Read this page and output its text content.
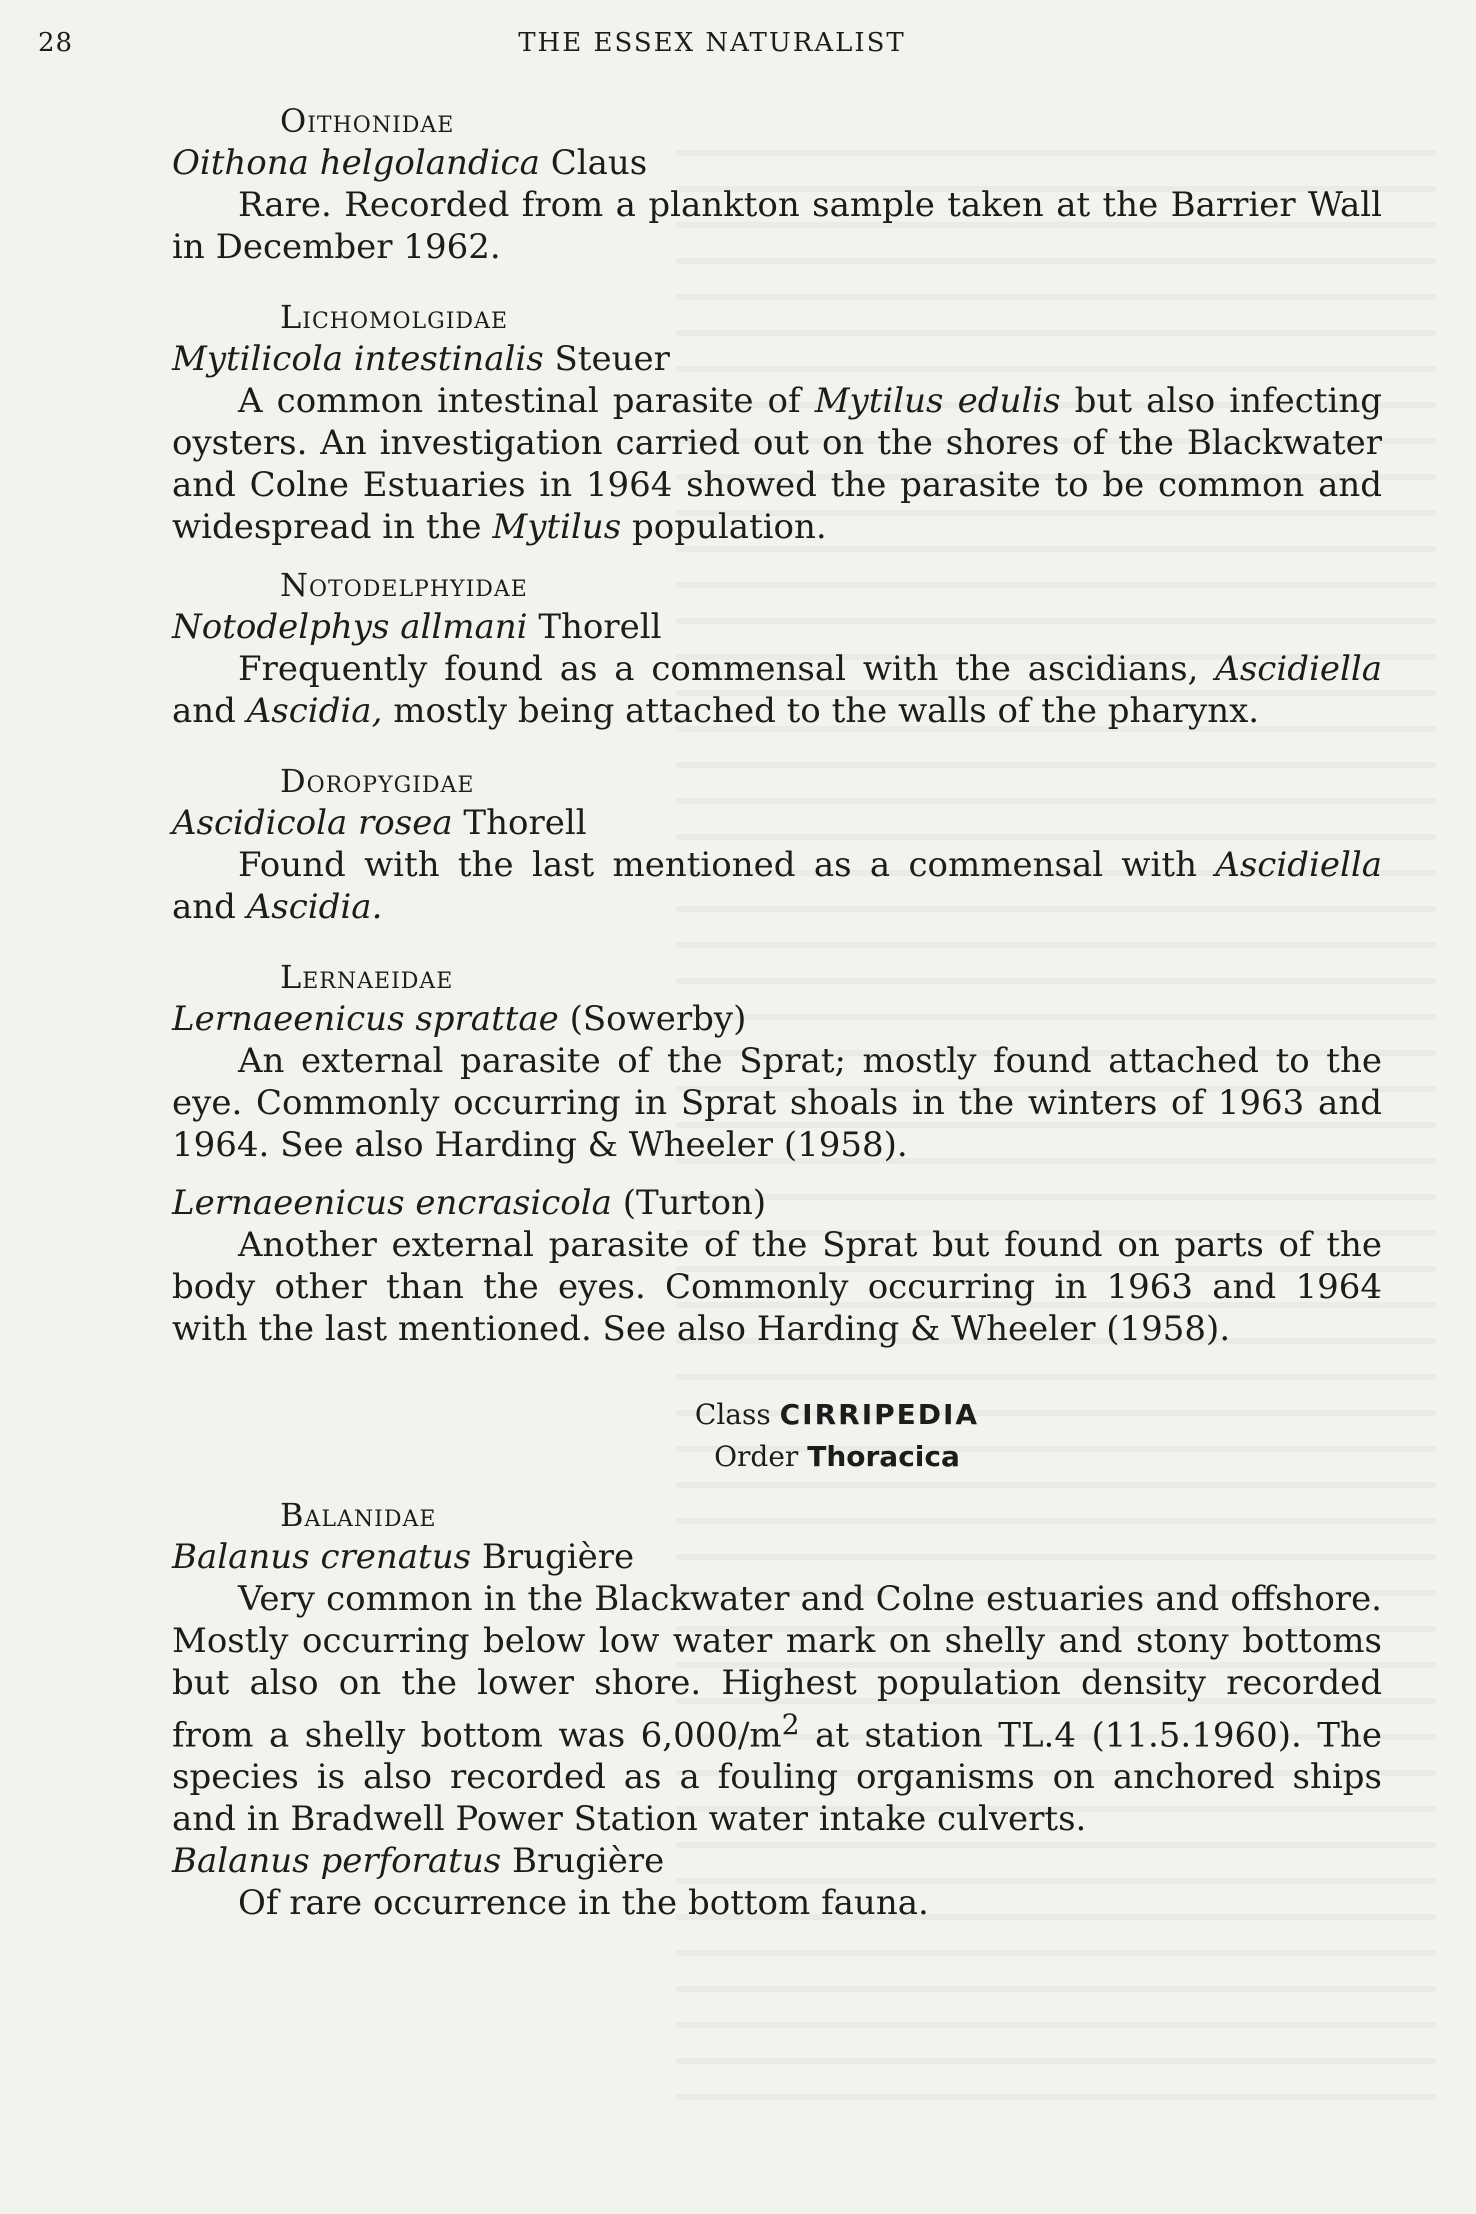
28	THE ESSEX NATURALIST
Oithonidae
Oithona helgolandica Claus

Rare. Recorded from a plankton sample taken at the Barrier Wall in December 1962.

Lichomolgidae
Mytilicola intestinalis Steuer

A common intestinal parasite of Mytilus edulis but also infecting oysters. An investigation carried out on the shores of the Blackwater and Colne Estuaries in 1964 showed the parasite to be common and widespread in the Mytilus population.

Notodelphyidae
Notodelphys allmani Thorell

Frequently found as a commensal with the ascidians, Ascidiella and Ascidia, mostly being attached to the walls of the pharynx.

Doropygidae
Ascidicola rosea Thorell

Found with the last mentioned as a commensal with Ascidiella and Ascidia.

Lernaeidae
Lernaeenicus sprattae (Sowerby)

An external parasite of the Sprat; mostly found attached to the eye. Commonly occurring in Sprat shoals in the winters of 1963 and 1964. See also Harding & Wheeler (1958).

Lernaeenicus encrasicola (Turton)

Another external parasite of the Sprat but found on parts of the body other than the eyes. Commonly occurring in 1963 and 1964 with the last mentioned. See also Harding & Wheeler (1958).

Class CIRRIPEDIA
Order Thoracica
Balanidae
Balanus crenatus Brugière

Very common in the Blackwater and Colne estuaries and offshore. Mostly occurring below low water mark on shelly and stony bottoms but also on the lower shore. Highest population density recorded from a shelly bottom was $6,000/m^2$ at station TL.4 (11.5.1960). The species is also recorded as a fouling organisms on anchored ships and in Bradwell Power Station water intake culverts.

Balanus perforatus Brugière

Of rare occurrence in the bottom fauna.
